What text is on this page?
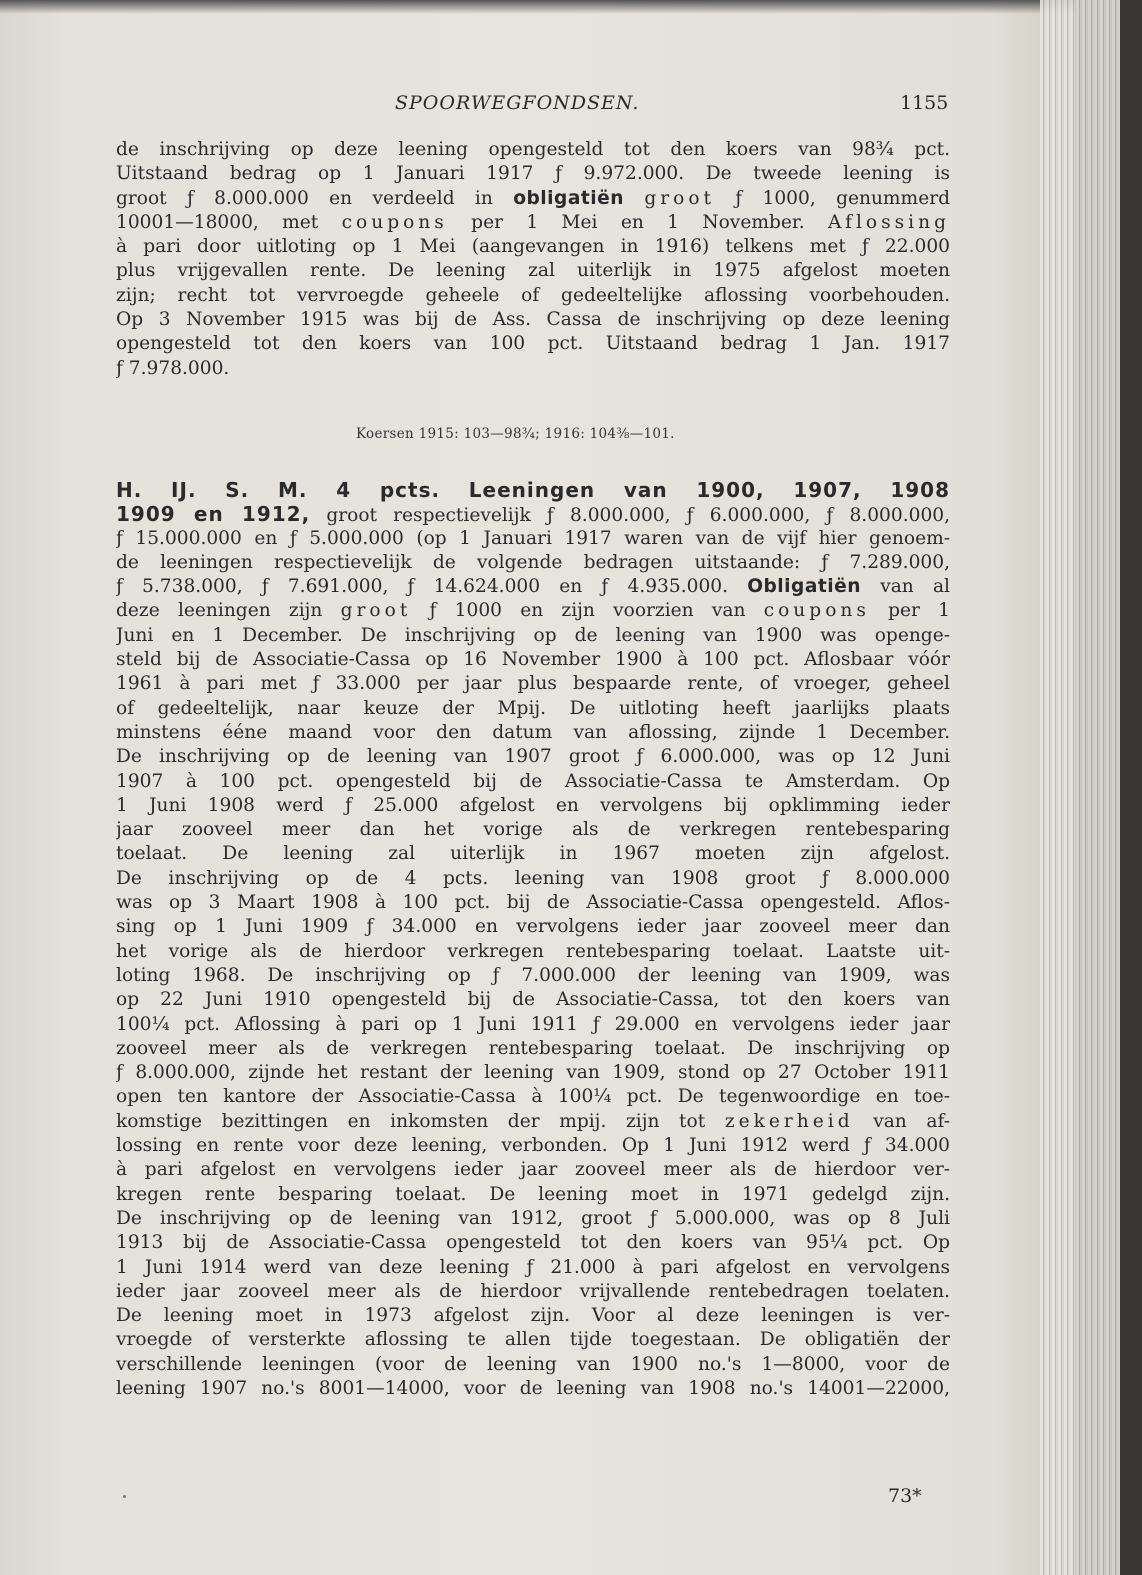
SPOORWEGFONDSEN.	1155
de inschrijving op deze leening opengesteld tot den koers van 98¾ pct.
Uitstaand bedrag op 1 Januari 1917 ƒ 9.972.000. De tweede leening is
groot ƒ 8.000.000 en verdeeld in obligatiën groot ƒ 1000, genummerd
10001—18000, met coupons per 1 Mei en 1 November. Aflossing
à pari door uitloting op 1 Mei (aangevangen in 1916) telkens met ƒ 22.000
plus vrijgevallen rente. De leening zal uiterlijk in 1975 afgelost moeten
zijn; recht tot vervroegde geheele of gedeeltelijke aflossing voorbehouden.
Op 3 November 1915 was bij de Ass. Cassa de inschrijving op deze leening
opengesteld tot den koers van 100 pct. Uitstaand bedrag 1 Jan. 1917
ƒ 7.978.000.
Koersen 1915: 103—98¾; 1916: 104⅜—101.
H. IJ. S. M. 4 pcts. Leeningen van 1900, 1907, 1908
1909 en 1912, groot respectievelijk ƒ 8.000.000, ƒ 6.000.000, ƒ 8.000.000,
ƒ 15.000.000 en ƒ 5.000.000 (op 1 Januari 1917 waren van de vijf hier genoem-
de leeningen respectievelijk de volgende bedragen uitstaande: ƒ 7.289.000,
ƒ 5.738.000, ƒ 7.691.000, ƒ 14.624.000 en ƒ 4.935.000. Obligatiën van al
deze leeningen zijn groot ƒ 1000 en zijn voorzien van coupons per 1
Juni en 1 December. De inschrijving op de leening van 1900 was openge-
steld bij de Associatie-Cassa op 16 November 1900 à 100 pct. Aflosbaar vóór
1961 à pari met ƒ 33.000 per jaar plus bespaarde rente, of vroeger, geheel
of gedeeltelijk, naar keuze der Mpij. De uitloting heeft jaarlijks plaats
minstens ééne maand voor den datum van aflossing, zijnde 1 December.
De inschrijving op de leening van 1907 groot ƒ 6.000.000, was op 12 Juni
1907 à 100 pct. opengesteld bij de Associatie-Cassa te Amsterdam. Op
1 Juni 1908 werd ƒ 25.000 afgelost en vervolgens bij opklimming ieder
jaar zooveel meer dan het vorige als de verkregen rentebesparing
toelaat. De leening zal uiterlijk in 1967 moeten zijn afgelost.
De inschrijving op de 4 pcts. leening van 1908 groot ƒ 8.000.000
was op 3 Maart 1908 à 100 pct. bij de Associatie-Cassa opengesteld. Aflos-
sing op 1 Juni 1909 ƒ 34.000 en vervolgens ieder jaar zooveel meer dan
het vorige als de hierdoor verkregen rentebesparing toelaat. Laatste uit-
loting 1968. De inschrijving op ƒ 7.000.000 der leening van 1909, was
op 22 Juni 1910 opengesteld bij de Associatie-Cassa, tot den koers van
100¼ pct. Aflossing à pari op 1 Juni 1911 ƒ 29.000 en vervolgens ieder jaar
zooveel meer als de verkregen rentebesparing toelaat. De inschrijving op
ƒ 8.000.000, zijnde het restant der leening van 1909, stond op 27 October 1911
open ten kantore der Associatie-Cassa à 100¼ pct. De tegenwoordige en toe-
komstige bezittingen en inkomsten der mpij. zijn tot zekerheid van af-
lossing en rente voor deze leening, verbonden. Op 1 Juni 1912 werd ƒ 34.000
à pari afgelost en vervolgens ieder jaar zooveel meer als de hierdoor ver-
kregen rente besparing toelaat. De leening moet in 1971 gedelgd zijn.
De inschrijving op de leening van 1912, groot ƒ 5.000.000, was op 8 Juli
1913 bij de Associatie-Cassa opengesteld tot den koers van 95¼ pct. Op
1 Juni 1914 werd van deze leening ƒ 21.000 à pari afgelost en vervolgens
ieder jaar zooveel meer als de hierdoor vrijvallende rentebedragen toelaten.
De leening moet in 1973 afgelost zijn. Voor al deze leeningen is ver-
vroegde of versterkte aflossing te allen tijde toegestaan. De obligatiën der
verschillende leeningen (voor de leening van 1900 no.'s 1—8000, voor de
leening 1907 no.'s 8001—14000, voor de leening van 1908 no.'s 14001—22000,
73*
